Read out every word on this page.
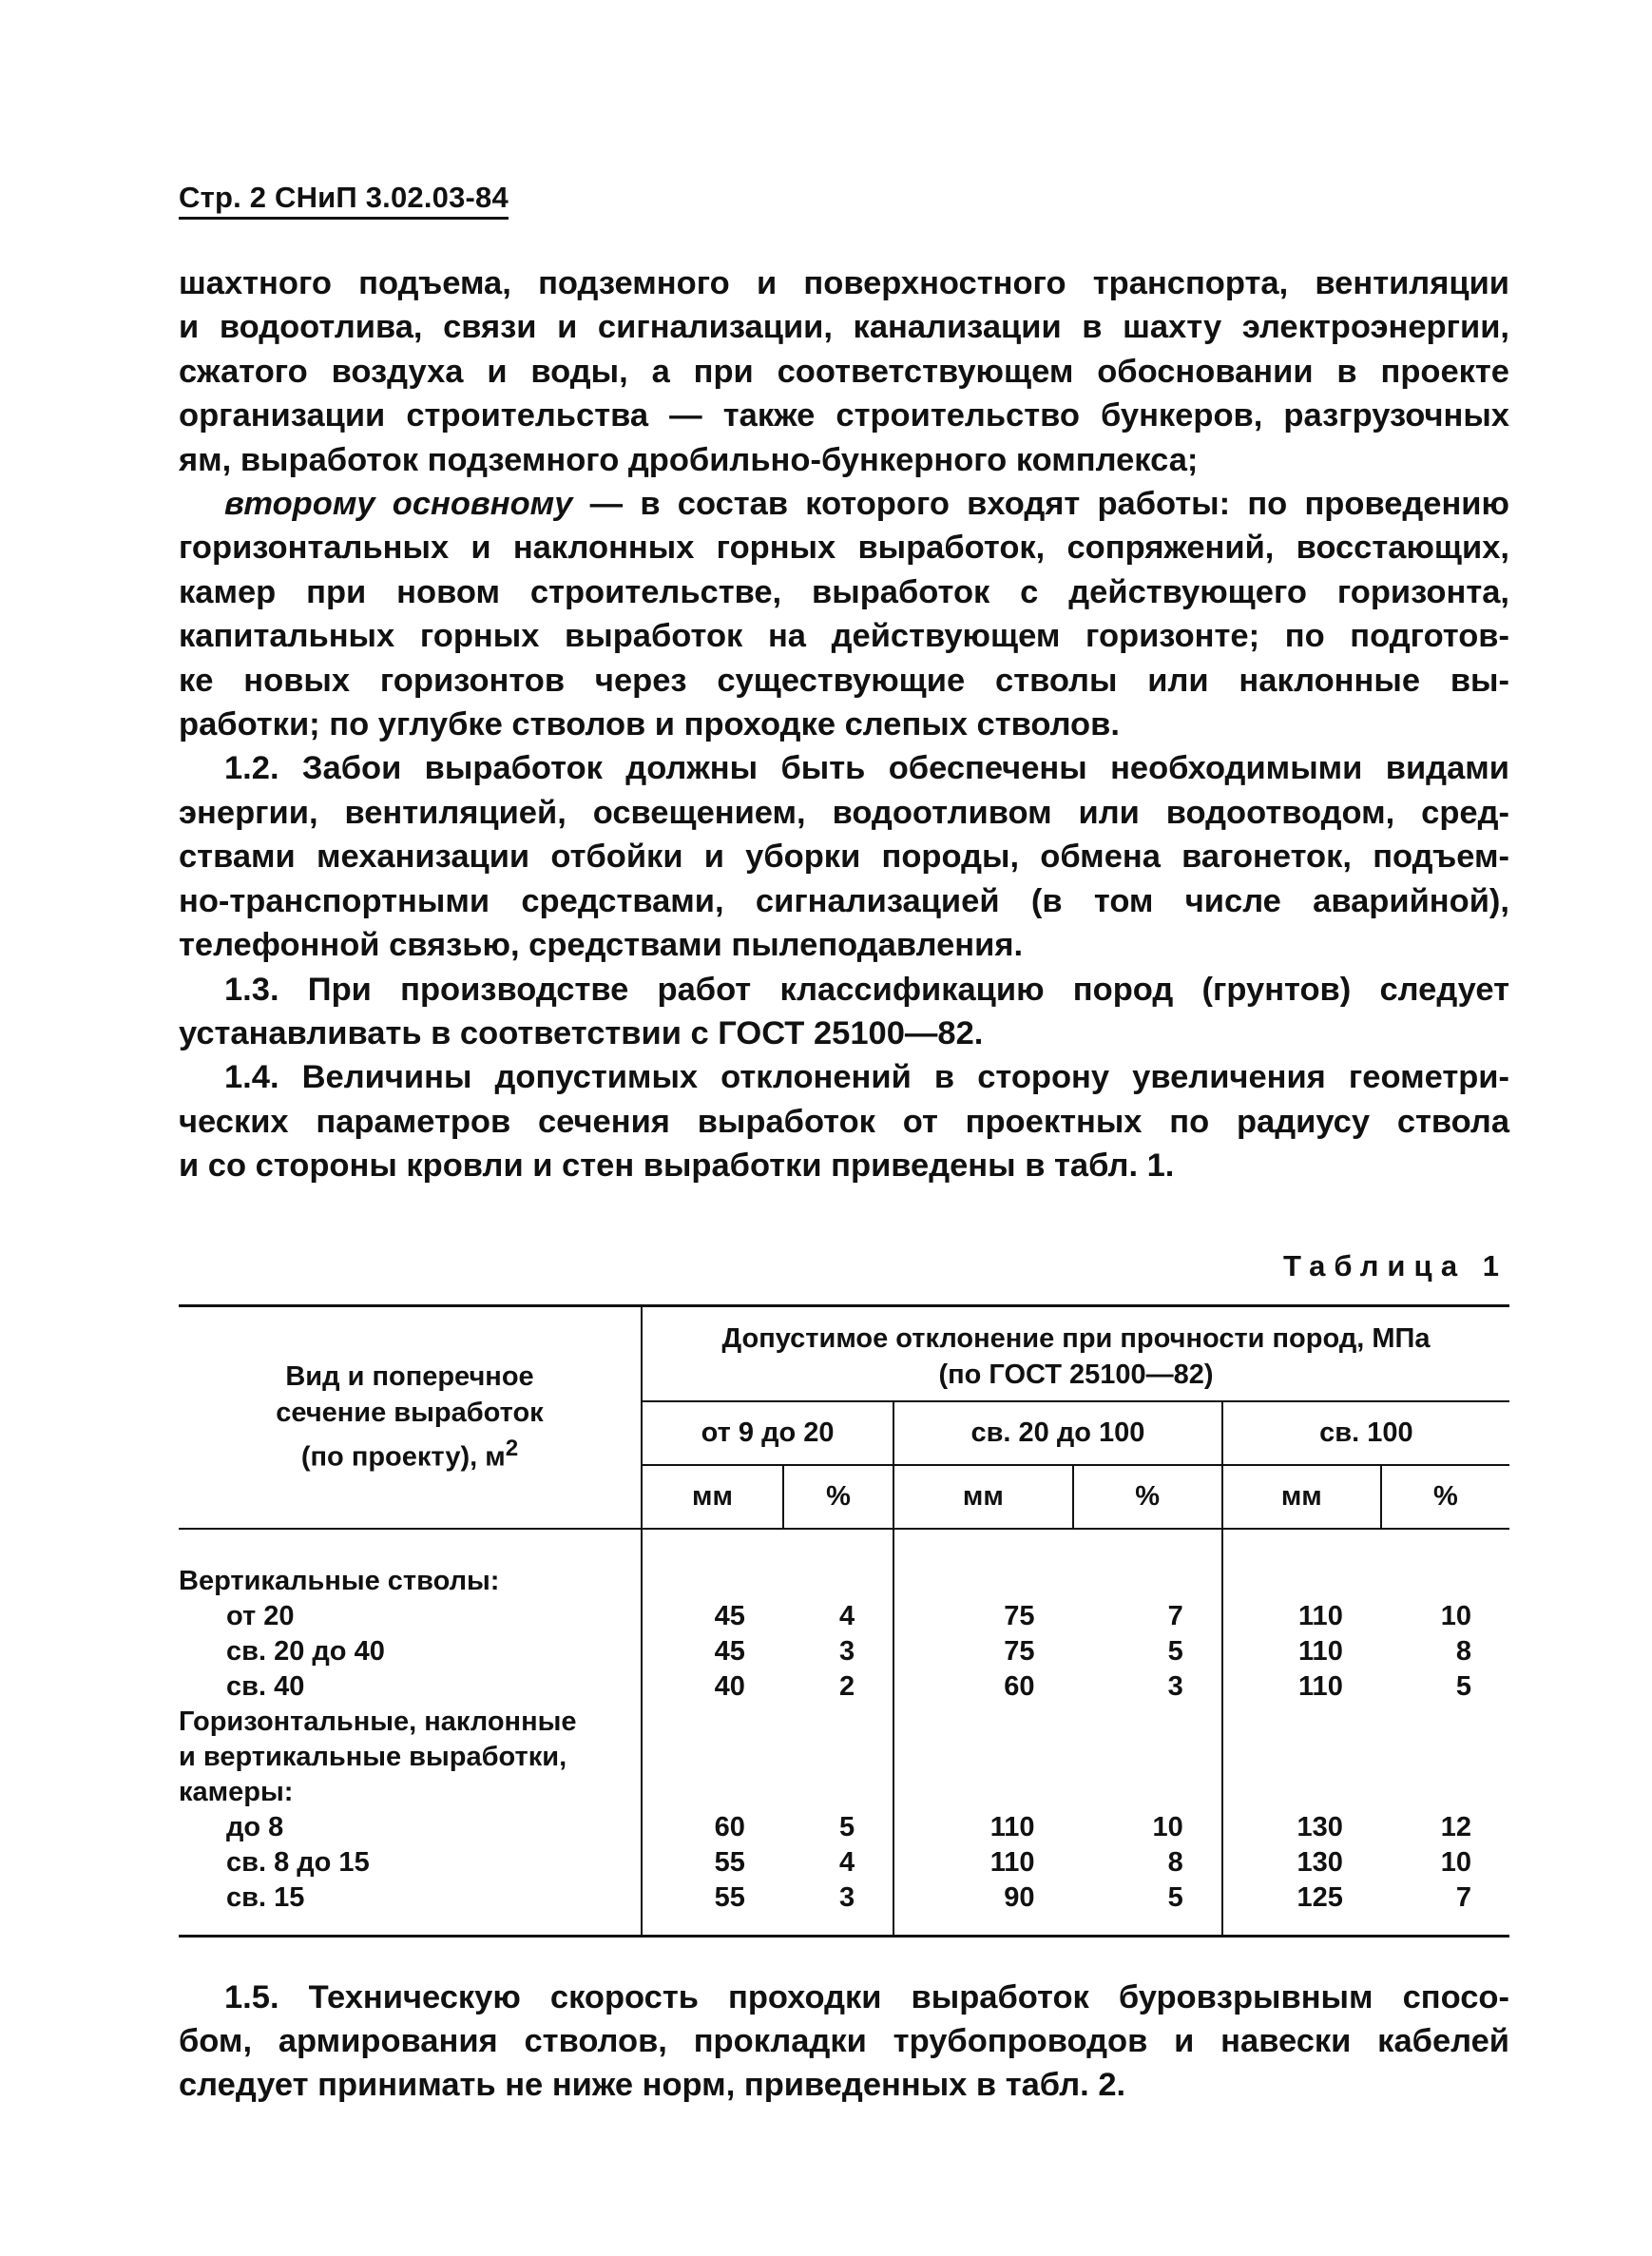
Стр. 2 СНиП 3.02.03-84

шахтного подъема, подземного и поверхностного транспорта, вентиляции
и водоотлива, связи и сигнализации, канализации в шахту электроэнергии,
сжатого воздуха и воды, а при соответствующем обосновании в проекте
организации строительства — также строительство бункеров, разгрузочных
ям, выработок подземного дробильно-бункерного комплекса;

второму основному — в состав которого входят работы: по проведению
горизонтальных и наклонных горных выработок, сопряжений, восстающих,
камер при новом строительстве, выработок с действующего горизонта,
капитальных горных выработок на действующем горизонте; по подготов-
ке новых горизонтов через существующие стволы или наклонные вы-
работки; по углубке стволов и проходке слепых стволов.

1.2. Забои выработок должны быть обеспечены необходимыми видами
энергии, вентиляцией, освещением, водоотливом или водоотводом, сред-
ствами механизации отбойки и уборки породы, обмена вагонеток, подъем-
но-транспортными средствами, сигнализацией (в том числе аварийной),
телефонной связью, средствами пылеподавления.

1.3. При производстве работ классификацию пород (грунтов) следует
устанавливать в соответствии с ГОСТ 25100—82.

1.4. Величины допустимых отклонений в сторону увеличения геометри-
ческих параметров сечения выработок от проектных по радиусу ствола
и со стороны кровли и стен выработки приведены в табл. 1.

Таблица 1
Вид и поперечное
сечение выработок
(по проекту), $м^2$	Допустимое отклонение при прочности пород, МПа
(по ГОСТ 25100—82)					
	от 9 до 20		св. 20 до 100		св. 100	
	мм	%	мм	%	мм	%
Вертикальные стволы:						
от 20	45	4	75	7	110	10
св. 20 до 40	45	3	75	5	110	8
св. 40	40	2	60	3	110	5
Горизонтальные, наклонные						
и вертикальные выработки,						
камеры:						
до 8	60	5	110	10	130	12
св. 8 до 15	55	4	110	8	130	10
св. 15	55	3	90	5	125	7

1.5. Техническую скорость проходки выработок буровзрывным спосо-
бом, армирования стволов, прокладки трубопроводов и навески кабелей
следует принимать не ниже норм, приведенных в табл. 2.
